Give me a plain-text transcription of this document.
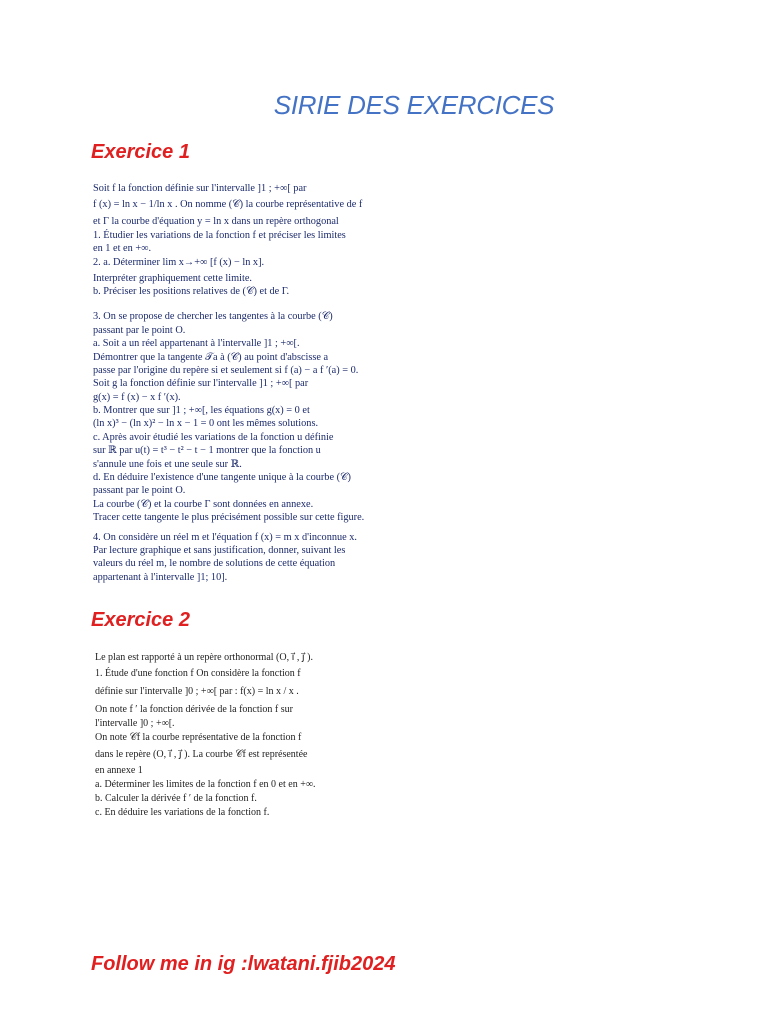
SIRIE DES EXERCICES
Exercice 1
Soit f la fonction définie sur l'intervalle ]1 ; +∞[ par
f (x) = ln x − 1/ln x . On nomme (𝒞) la courbe représentative de f
et Γ la courbe d'équation y = ln x dans un repère orthogonal
1. Étudier les variations de la fonction f et préciser les limites
en 1 et en +∞.
2. a. Déterminer lim x→+∞ [f (x) − ln x].
Interpréter graphiquement cette limite.
b. Préciser les positions relatives de (𝒞) et de Γ.
3. On se propose de chercher les tangentes à la courbe (𝒞)
passant par le point O.
a. Soit a un réel appartenant à l'intervalle ]1 ; +∞[.
Démontrer que la tangente 𝒯a à (𝒞) au point d'abscisse a
passe par l'origine du repère si et seulement si f (a) − a f ′(a) = 0.
Soit g la fonction définie sur l'intervalle ]1 ; +∞[ par
g(x) = f (x) − x f ′(x).
b. Montrer que sur ]1 ; +∞[, les équations g(x) = 0 et
(ln x)³ − (ln x)² − ln x − 1 = 0 ont les mêmes solutions.
c. Après avoir étudié les variations de la fonction u définie
sur ℝ par u(t) = t³ − t² − t − 1 montrer que la fonction u
s'annule une fois et une seule sur ℝ.
d. En déduire l'existence d'une tangente unique à la courbe (𝒞)
passant par le point O.
La courbe (𝒞) et la courbe Γ sont données en annexe.
Tracer cette tangente le plus précisément possible sur cette figure.
4. On considère un réel m et l'équation f (x) = m x d'inconnue x.
Par lecture graphique et sans justification, donner, suivant les
valeurs du réel m, le nombre de solutions de cette équation
appartenant à l'intervalle ]1; 10].
Exercice 2
Le plan est rapporté à un repère orthonormal (O, i⃗ , j⃗ ).
1. Étude d'une fonction f On considère la fonction f
définie sur l'intervalle ]0 ; +∞[ par : f(x) = ln x / x .
On note f ′ la fonction dérivée de la fonction f sur
l'intervalle ]0 ; +∞[.
On note 𝒞f la courbe représentative de la fonction f
dans le repère (O, i⃗ , j⃗ ). La courbe 𝒞f est représentée
en annexe 1
a. Déterminer les limites de la fonction f en 0 et en +∞.
b. Calculer la dérivée f ′ de la fonction f.
c. En déduire les variations de la fonction f.
Follow me in ig :lwatani.fjib2024
